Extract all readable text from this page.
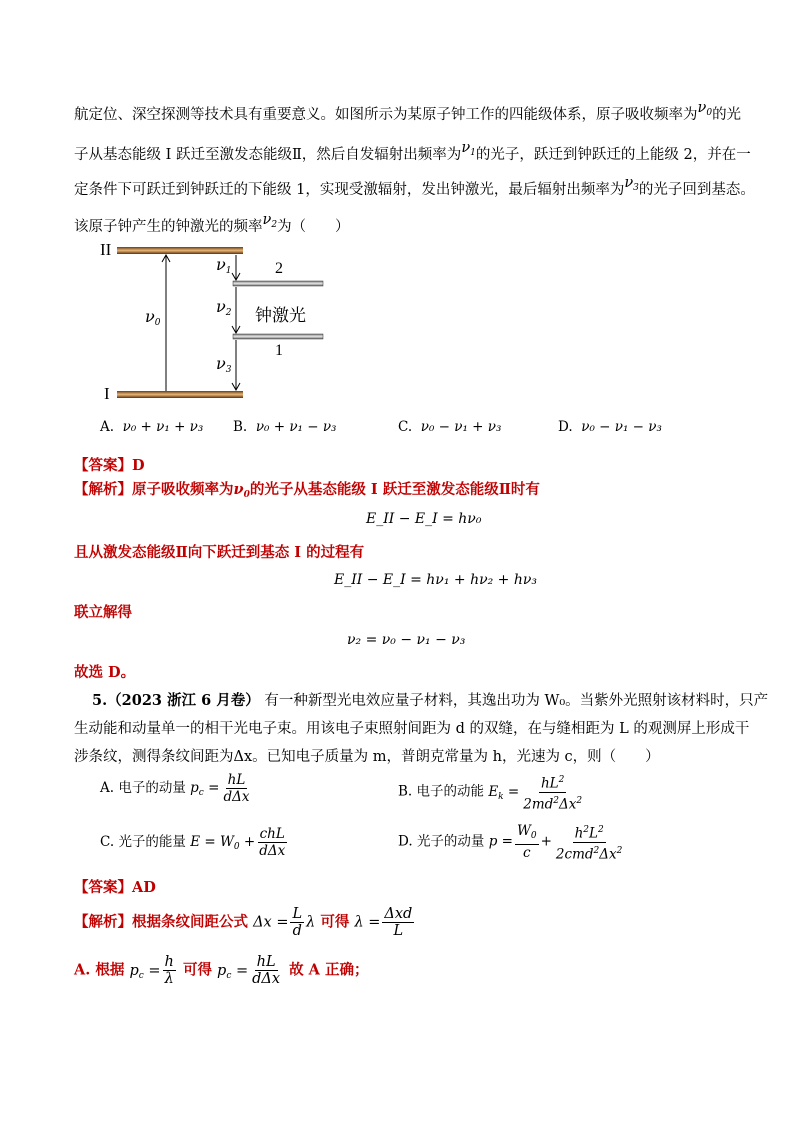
航定位、深空探测等技术具有重要意义。如图所示为某原子钟工作的四能级体系，原子吸收频率为$\nu_0$的光
子从基态能级 I 跃迁至激发态能级Ⅱ，然后自发辐射出频率为$\nu_1$的光子，跃迁到钟跃迁的上能级 2，并在一
定条件下可跃迁到钟跃迁的下能级 1，实现受激辐射，发出钟激光，最后辐射出频率为$\nu_3$的光子回到基态。
该原子钟产生的钟激光的频率$\nu_2$为（　　）
II
I
2
1
$\nu_0$
$\nu_1$
$\nu_2$
$\nu_3$
钟激光
A. ν₀ + ν₁ + ν₃ B. ν₀ + ν₁ − ν₃	C. ν₀ − ν₁ + ν₃	D. ν₀ − ν₁ − ν₃
【答案】D
【解析】原子吸收频率为$\nu_0$的光子从基态能级 I 跃迁至激发态能级Ⅱ时有
E_II − E_I = hν₀
且从激发态能级Ⅱ向下跃迁到基态 I 的过程有
E_II − E_I = hν₁ + hν₂ + hν₃
联立解得
ν₂ = ν₀ − ν₁ − ν₃
故选 D。
5.（2023 浙江 6 月卷） 有一种新型光电效应量子材料，其逸出功为 W₀。当紫外光照射该材料时，只产
生动能和动量单一的相干光电子束。用该电子束照射间距为 d 的双缝，在与缝相距为 L 的观测屏上形成干
涉条纹，测得条纹间距为Δx。已知电子质量为 m，普朗克常量为 h，光速为 c，则（　　）
A. 电子的动量 $p_c = \frac{hL}{\text{dΔx}}$	B. 电子的动能 $E_k = \frac{hL^2}{2md^2\Delta x^2}$
C. 光子的能量 $E = W_0 + \frac{\text{chL}}{\text{dΔx}}$	D. 光子的动量 $p = \frac{W_0}{c} + \frac{h^2L^2}{2cmd^2\Delta x^2}$
【答案】AD
【解析】根据条纹间距公式 $\Delta x = \frac{L}{d}$ λ 可得 $\lambda = \frac{\text{Δxd}}{L}$
A. 根据 $p_c = \frac{h}{\lambda}$ 可得 $p_c = \frac{hL}{\text{dΔx}}$ 故 A 正确；
